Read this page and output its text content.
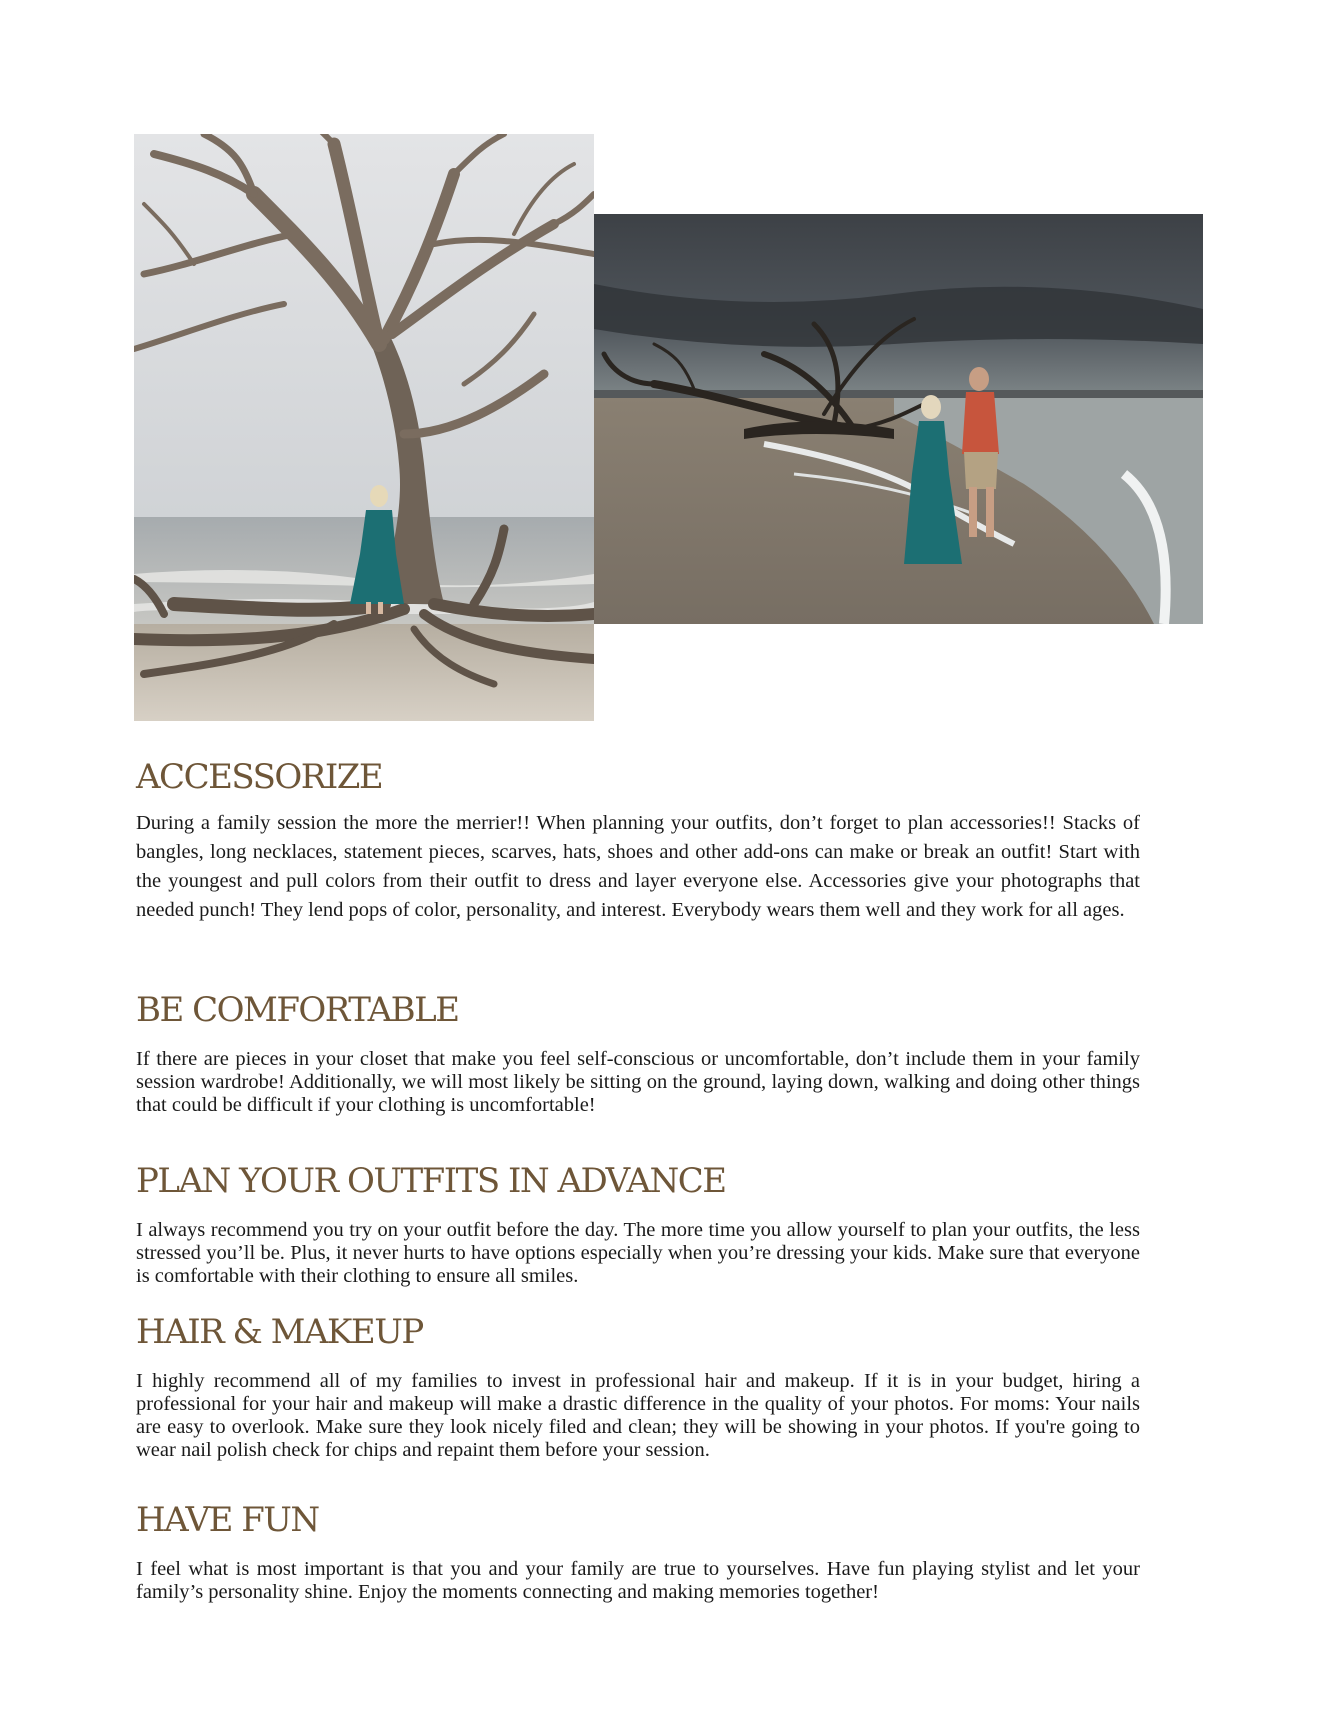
ACCESSORIZE

During a family session the more the merrier!! When planning your outfits, don’t forget to plan accessories!! Stacks of bangles, long necklaces, statement pieces, scarves, hats, shoes and other add-ons can make or break an outfit! Start with the youngest and pull colors from their outfit to dress and layer everyone else. Accessories give your photographs that needed punch! They lend pops of color, personality, and interest. Everybody wears them well and they work for all ages.

BE COMFORTABLE

If there are pieces in your closet that make you feel self-conscious or uncomfortable, don’t include them in your family session wardrobe! Additionally, we will most likely be sitting on the ground, laying down, walking and doing other things that could be difficult if your clothing is uncomfortable!

PLAN YOUR OUTFITS IN ADVANCE

I always recommend you try on your outfit before the day. The more time you allow yourself to plan your outfits, the less stressed you’ll be. Plus, it never hurts to have options especially when you’re dressing your kids. Make sure that everyone is comfortable with their clothing to ensure all smiles.

HAIR & MAKEUP

I highly recommend all of my families to invest in professional hair and makeup. If it is in your budget, hiring a professional for your hair and makeup will make a drastic difference in the quality of your photos. For moms: Your nails are easy to overlook. Make sure they look nicely filed and clean; they will be showing in your photos. If you're going to wear nail polish check for chips and repaint them before your session.

HAVE FUN

I feel what is most important is that you and your family are true to yourselves. Have fun playing stylist and let your family’s personality shine. Enjoy the moments connecting and making memories together!
